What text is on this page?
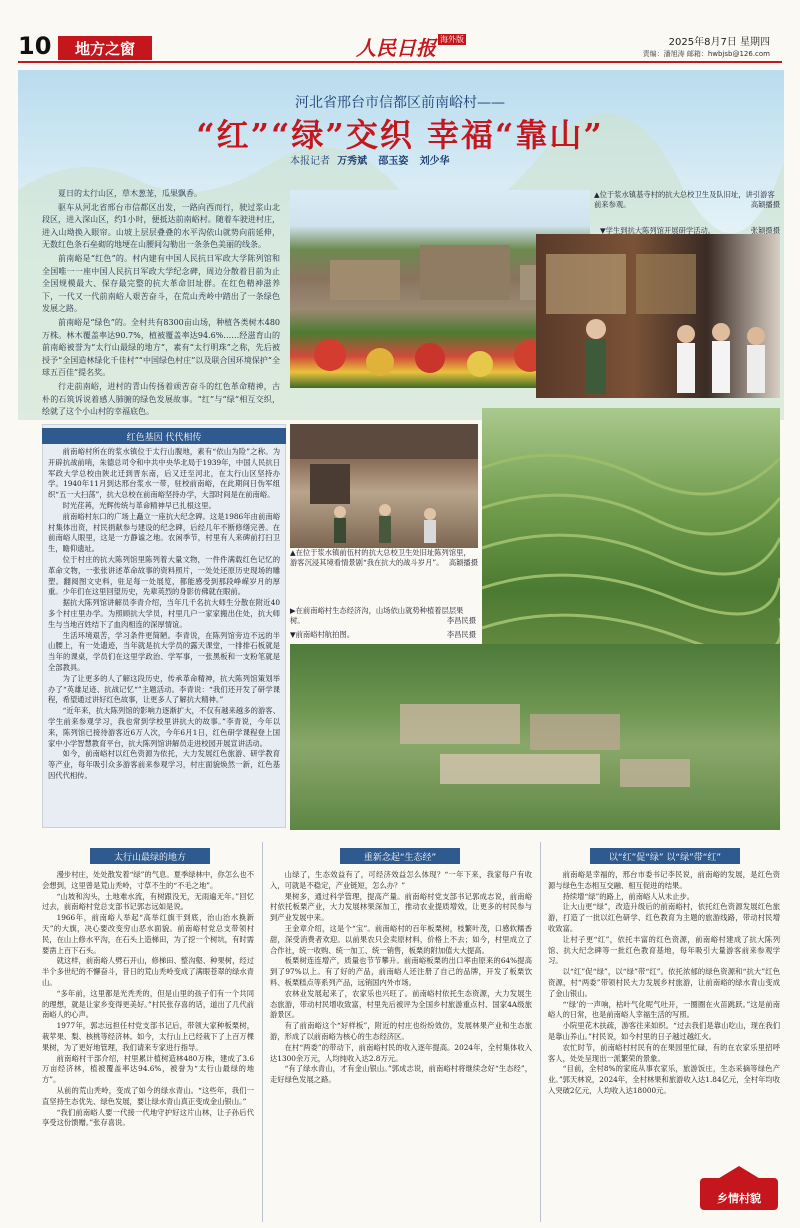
10	地方之窗	人民日报 海外版	2025年8月7日 星期四
责编：潘旭涛 邮箱：hwbjsb@126.com
河北省邢台市信都区前南峪村——
“红”“绿”交织 幸福“靠山”
本报记者 万秀斌 邵玉姿 刘少华

夏日的太行山区，草木葱茏，瓜果飘香。

驱车从河北省邢台市信都区出发，一路向西而行，驶过浆山北段区，进入深山区，约1小时，便抵达前南峪村。随着车驶进村庄，进入山坳换入眼帘。山坡上层层叠叠的水平沟依山就势向前延伸，无数红色条石垒砌的地埂在山腰间勾勒出一条条色美丽的线条。

前南峪是“红色”的。村内建有中国人民抗日军政大学陈列馆和全国唯一一座中国人民抗日军政大学纪念碑，周边分散着目前为止全国规模最大、保存最完整的抗大革命旧址群。在红色精神滋养下，一代又一代前南峪人艰苦奋斗，在荒山秃岭中踏出了一条绿色发展之路。

前南峪是“绿色”的。全村共有8300亩山场，种植各类树木480万株。林木覆盖率达90.7%，植被覆盖率达94.6%……经滋育山的前南峪被誉为“太行山最绿的地方”，素有“太行明珠”之称，先后被授予“全国造林绿化千佳村”“中国绿色村庄”以及联合国环境保护“全球五百佳”提名奖。

行走前南峪，进村的青山传扬着顽苦奋斗的红色革命精神，古朴的石筑诉说着感人肺腑的绿色发展故事。“红”与“绿”相互交织，绘就了这个小山村的幸福底色。

▲位于浆水镇基寺村的抗大总校卫生及队旧址，讲引游客前来参观。	高颖播摄
▼学生到抗大陈列馆开展研学活动。	张颖摄摄
红色基因 代代相传

前南峪村所在的浆水镇位于太行山腹地，素有“依山为险”之称。为开辟抗战前哨，朱德总司令和中共中央华北局于1939年，中国人民抗日军政大学总校由陕北迁到晋东南，后又迁至河北，在太行山区坚持办学。1940年11月到达邢台浆水一带，驻校前南峪，在此期间日伪军组织“五一大扫荡”，抗大总校在前南峪坚持办学，大部时间是在前南峪。

时光荏苒，光辉传统与革命精神早已扎根这里。

前南峪村东口的广场上矗立一座抗大纪念碑。这是1986年由前南峪村集体出资，村民捐献参与建设的纪念碑，后经几年不断修缮完善。在前南峪人眼里，这是一方静谧之地。农闲季节，村里有人来碑前打扫卫生，瞻仰遗址。

位于村庄的抗大陈列馆里陈列着大量文物，一件件满载红色记忆的革命文物，一张张讲述革命故事的资料照片，一处处还原历史现场的雕塑。翻阅图文史料，驻足每一处展览，都能感受到那段峥嵘岁月的厚重。少年们在这里回望历史，先辈英烈的身影仿佛就在眼前。

据抗大陈列馆讲解员李青介绍，当年几千名抗大师生分散在附近40多个村庄里办学。为照顾抗大学员，村里几户一家家搬出住处，抗大师生与当地百姓结下了血肉相连的深厚情谊。

生活环境艰苦，学习条件更简陋。李青说，在陈列馆旁边不远的半山腰上，有一处遗迹，当年就是抗大学员的露天课堂，一排排石板就是当年的课桌，学员们在这里学政治、学军事，一张黑板和一支粉笔就是全部教具。

为了让更多的人了解这段历史，传承革命精神，抗大陈列馆策划举办了“英雄足迹、抗战记忆“”主题活动。李青说：“我们还开发了研学课程，希望通过讲好红色故事，让更多人了解抗大精神。”

“近年来，抗大陈列馆的影响力逐渐扩大，不仅有越来越多的游客、学生前来参观学习，我也常到学校里讲抗大的故事。”李青说，今年以来，陈列馆已接待游客近6万人次，今年6月1日，红色研学课程登上国家中小学智慧教育平台，抗大陈列馆讲解员走进校园开展宣讲活动。

如今，前南峪村以红色资源为依托，大力发展红色旅游、研学教育等产业，每年吸引众多游客前来参观学习，村庄面貌焕然一新，红色基因代代相传。

▲在位于浆水镇前伍村的抗大总校卫生处旧址陈列馆里，游客沉浸其境看情景剧“我在抗大的战斗岁月”。 高颖播摄
▶在前南峪村生态经济沟，山场依山就势种植着层层果树。	李昌民摄
▼前南峪村航拍图。	李昌民摄
太行山最绿的地方

漫步村庄，处处散发着“绿”的气息。夏季绿林中，你怎么也不会想到，这里曾是荒山秃岭，寸草不生的“不毛之地”。

“山坡和沟头，土地难水流，有树跟没无，无雨遍无年。”回忆过去，前南峪村党总支部书记郭志远如是说。

1966年，前南峪人举起“高举红旗干到底，治山治水换新天”的大旗，决心要改变穷山恶水面貌。前南峪村党总支带领村民，在山上修水平沟，在石头上造梯田，为了挖一个树坑，有时需要凿上百下石头。

就这样，前南峪人劈石开山，修梯田、整沟壑、种果树，经过半个多世纪的不懈奋斗，昔日的荒山秃岭变成了满眼苍翠的绿水青山。

“多年前，这里都是光秃秃的，但是山里的孩子们有一个共同的理想，就是让家乡变得更美好。”村民张存喜的话，道出了几代前南峪人的心声。

1977年，郭志远担任村党支部书记后，带领大家种板栗树，栽苹果、梨、核桃等经济林。如今，太行山上已经栽下了上百万棵果树，为了更好地管理，我们请来专家进行指导。

前南峪村干部介绍，村里累计植树造林480万株，建成了3.6万亩经济林，植被覆盖率达94.6%，被誉为“太行山最绿的地方”。

从前的荒山秃岭，变成了如今的绿水青山。“这些年，我们一直坚持生态优先、绿色发展，要让绿水青山真正变成金山银山。”

“我们前南峪人要一代接一代地守护好这片山林，让子孙后代享受这份馈赠。”张存喜说。

重新念起“生态经”

山绿了，生态效益有了，可经济效益怎么体现？“一年下来，我家每户有收入，可就是不稳定，产业链短，怎么办？”

果树多，通过科学管理，提高产量。前南峪村党支部书记郭成志说，前南峪村依托板栗产业，大力发展林果深加工，推动农业提质增效，让更多的村民参与到产业发展中来。

王金章介绍，这是个“宝”。前南峪村的百年板栗树，枝繁叶茂，口感软糯香甜，深受消费者欢迎。以前果农只会卖原材料，价格上不去；如今，村里成立了合作社，统一收购、统一加工、统一销售，板栗的附加值大大提高。

板栗树连连增产，质量也节节攀升。前南峪板栗的出口率由原来的64%提高到了97%以上。有了好的产品，前南峪人还注册了自己的品牌，开发了板栗饮料、板栗糕点等系列产品，远销国内外市场。

农林业发展起来了，农家乐也兴旺了。前南峪村依托生态资源，大力发展生态旅游，带动村民增收致富，村里先后被评为全国乡村旅游重点村、国家4A级旅游景区。

有了前南峪这个“好样板”，附近的村庄也纷纷效仿，发展林果产业和生态旅游，形成了以前南峪为核心的生态经济区。

在村“两委”的带动下，前南峪村民的收入逐年提高。2024年，全村集体收入达1300余万元，人均纯收入达2.8万元。

“有了绿水青山，才有金山银山。”郭成志说，前南峪村将继续念好“生态经”，走好绿色发展之路。

以“红”促“绿” 以“绿”带“红”

前南峪是幸福的，邢台市委书记李民说，前南峪的发展，是红色资源与绿色生态相互交融、相互促进的结果。

持续增“绿”的路上，前南峪人从未止步。

让大山更“绿”，改造升级后的前南峪村，依托红色资源发展红色旅游，打造了一批以红色研学、红色教育为主题的旅游线路，带动村民增收致富。

让村子更“红”，依托丰富的红色资源，前南峪村建成了抗大陈列馆、抗大纪念碑等一批红色教育基地，每年吸引大量游客前来参观学习。

以“红”促“绿”，以“绿”带“红”。依托浓郁的绿色资源和“抗大”红色资源，村“两委”带领村民大力发展乡村旅游，让前南峪的绿水青山变成了金山银山。

“‘绿’的一声响，枯叶气化呢气吐开，一圈圈在火苗跳跃。”这是前南峪人的日常，也是前南峪人幸福生活的写照。

小院里花木扶疏，游客往来如织。“过去我们是靠山吃山，现在我们是靠山养山。”村民说，如今村里的日子越过越红火。

农忙时节，前南峪村村民有的在果园里忙碌，有的在农家乐里招呼客人，处处呈现出一派繁荣的景象。

“目前，全村8%的家庭从事农家乐，旅游饭庄，生态采摘等绿色产业。”郭天林说，2024年，全村林果和旅游收入达1.84亿元，全村年均收入突破2亿元，人均收入达18000元。

乡情村貌
